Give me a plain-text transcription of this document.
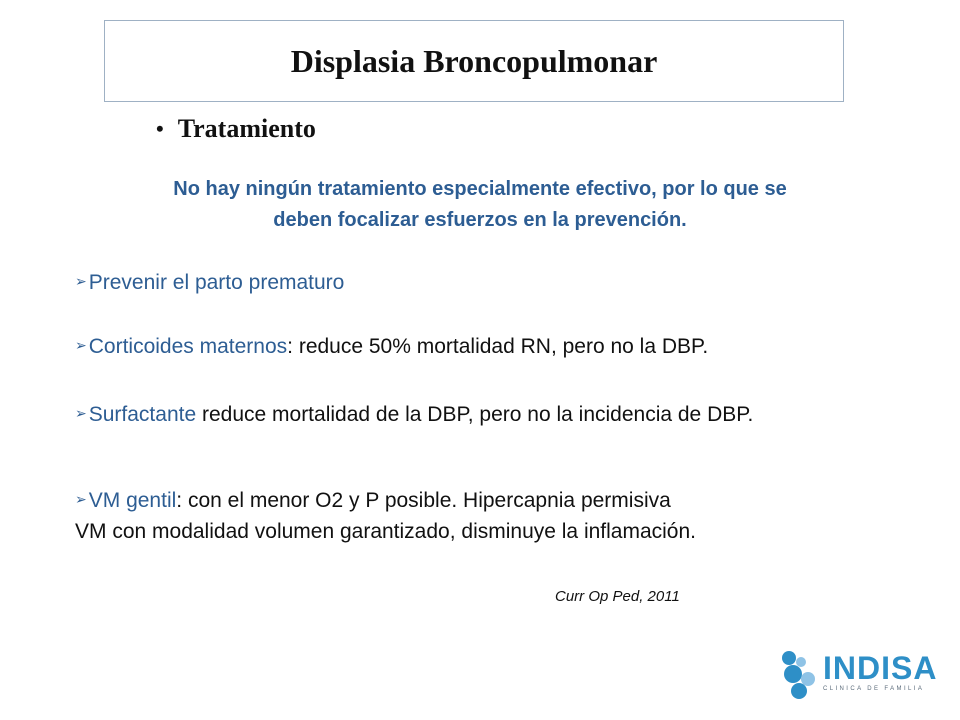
Displasia Broncopulmonar
• Tratamiento
No hay ningún tratamiento especialmente efectivo, por lo que se
deben focalizar esfuerzos en la prevención.
➢Prevenir el parto prematuro
➢Corticoides maternos: reduce 50% mortalidad RN, pero no la DBP.
➢Surfactante reduce mortalidad de la DBP, pero no la incidencia de DBP.
➢VM gentil: con el menor O2 y P posible. Hipercapnia permisiva
VM con modalidad volumen garantizado, disminuye la inflamación.
Curr Op Ped, 2011
INDISA
CLINICA DE FAMILIA
